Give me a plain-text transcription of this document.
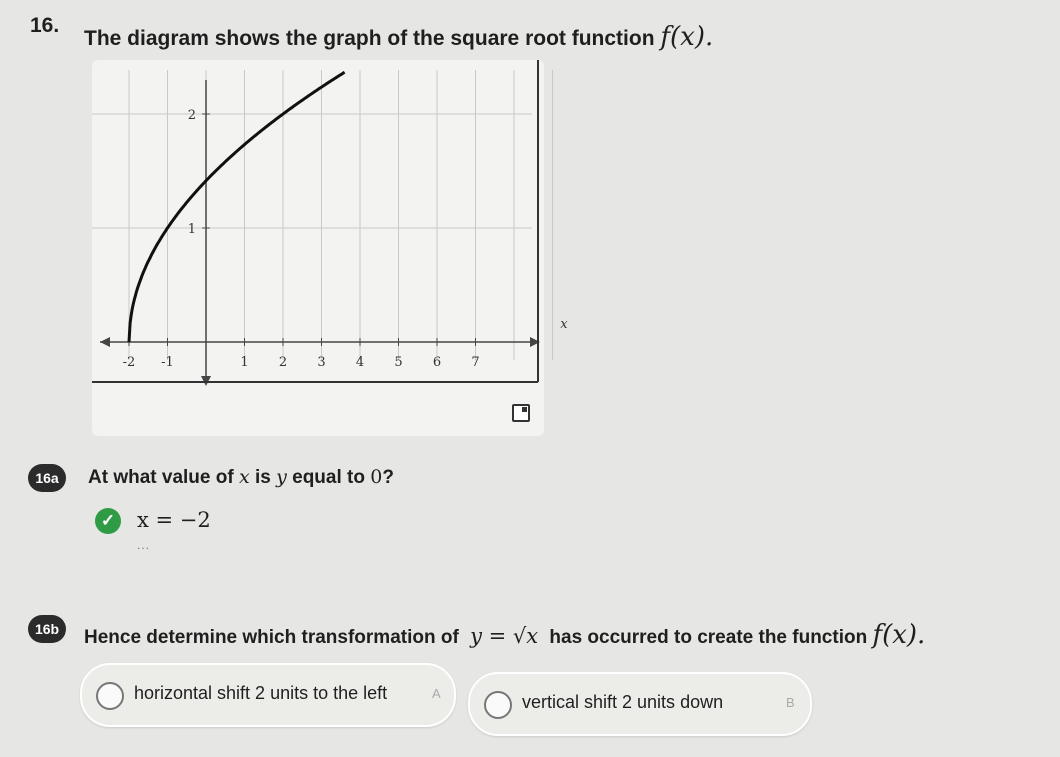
16.
The diagram shows the graph of the square root function f(x).
-2 -1	1 2 3 4 5 6 7
2
1
x
16a	At what value of x is y equal to 0?
✓ x = −2
...
16b	Hence determine which transformation of y = √x has occurred to create the function f(x).
horizontal shift 2 units to the left	A	vertical shift 2 units down	B
